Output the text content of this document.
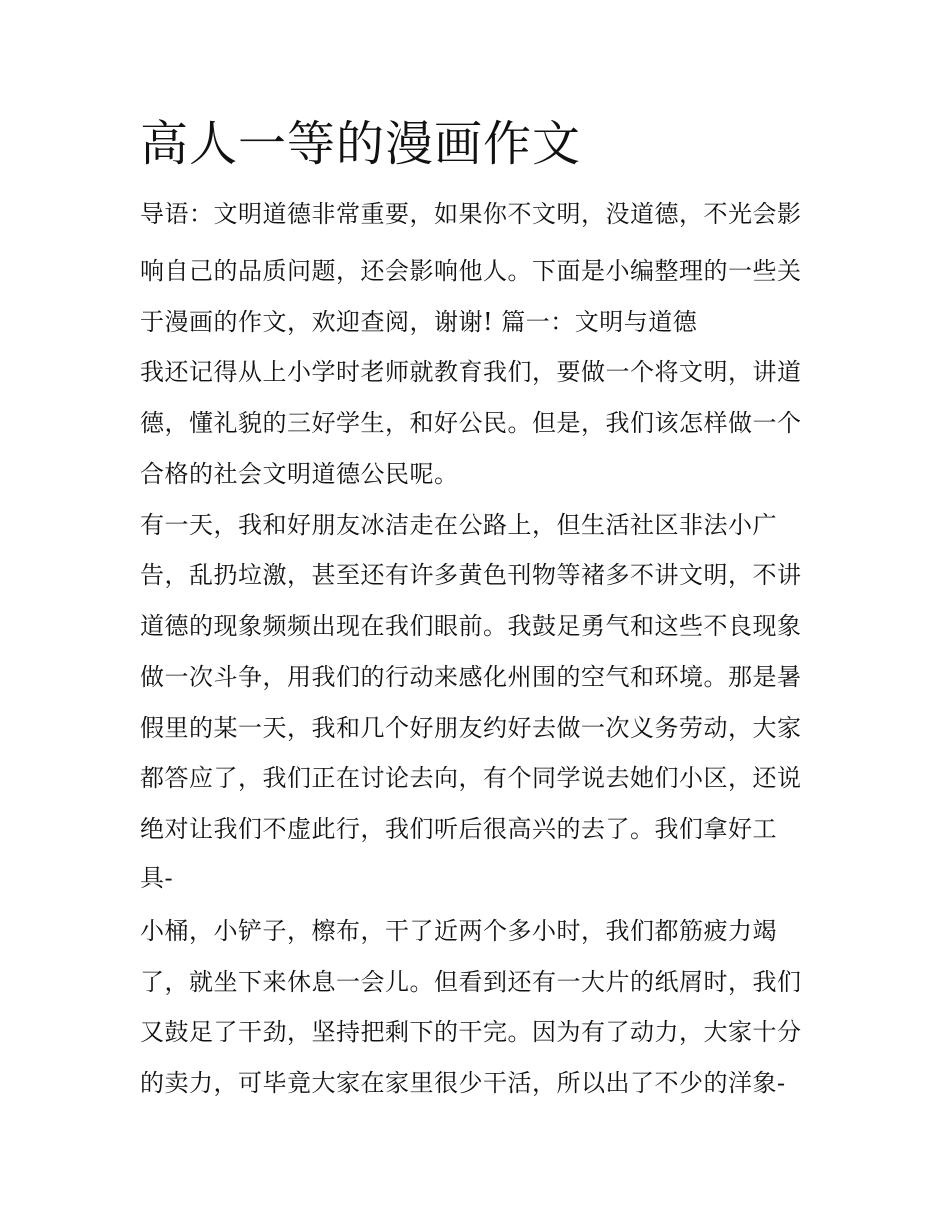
高人一等的漫画作文
导语：文明道德非常重要，如果你不文明，没道德，不光会影
响自己的品质问题，还会影响他人。下面是小编整理的一些关
于漫画的作文，欢迎查阅，谢谢! 篇一：文明与道德
我还记得从上小学时老师就教育我们，要做一个将文明，讲道
德，懂礼貌的三好学生，和好公民。但是，我们该怎样做一个
合格的社会文明道德公民呢。
有一天，我和好朋友冰洁走在公路上，但生活社区非法小广
告，乱扔垃激，甚至还有许多黄色刊物等褚多不讲文明，不讲
道德的现象频频出现在我们眼前。我鼓足勇气和这些不良现象
做一次斗争，用我们的行动来感化州围的空气和环境。那是暑
假里的某一天，我和几个好朋友约好去做一次义务劳动，大家
都答应了，我们正在讨论去向，有个同学说去她们小区，还说
绝对让我们不虚此行，我们听后很高兴的去了。我们拿好工
具-
小桶，小铲子，檫布，干了近两个多小时，我们都筋疲力竭
了，就坐下来休息一会儿。但看到还有一大片的纸屑时，我们
又鼓足了干劲，坚持把剩下的干完。因为有了动力，大家十分
的卖力，可毕竟大家在家里很少干活，所以出了不少的洋象-
